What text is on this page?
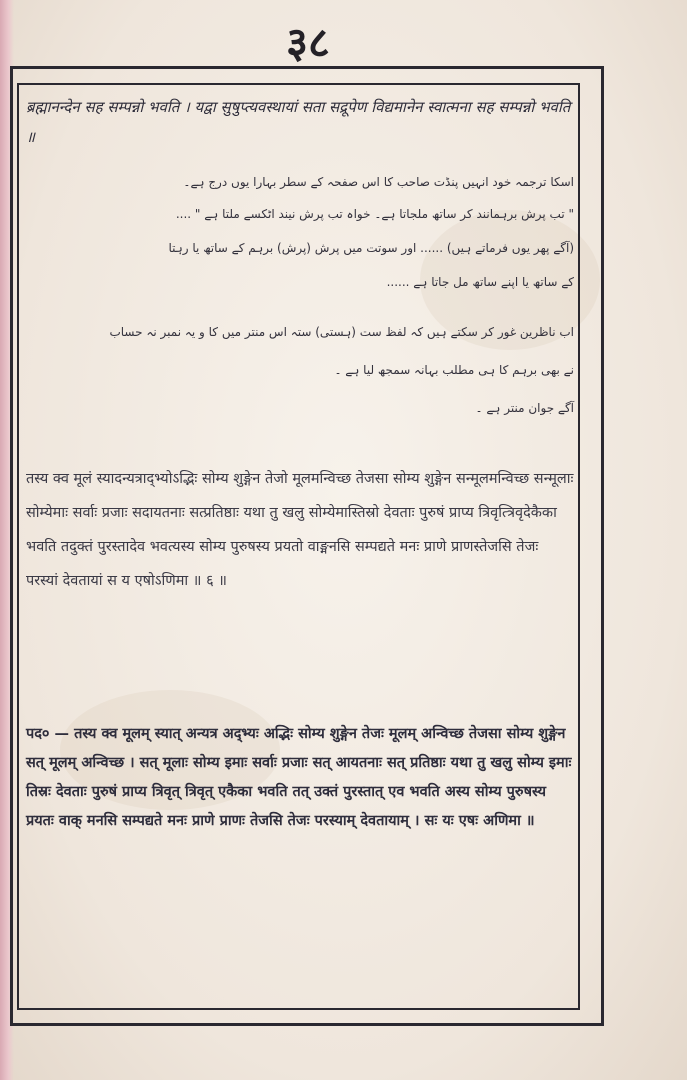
३८

ब्रह्मानन्देन सह सम्पन्नो भवति । यद्वा सुषुप्त्यवस्थायां सता सद्रूपेण विद्यमानेन स्वात्मना सह सम्पन्नो भवति ॥

اسکا ترجمہ خود انہیں پنڈت صاحب کا اس صفحہ کے سطر بہارا یوں درج ہے۔

" تب پرش برہمانند کر ساتھ ملجاتا ہے۔ خواہ تب پرش نیند اٹکسے ملتا ہے " ....

(آگے پھر یوں فرماتے ہیں) ...... اور سوتت میں پرش (پرش) برہم کے ساتھ یا رہتا

کے ساتھ یا اپنے ساتھ مل جاتا ہے ......

اب ناظرین غور کر سکتے ہیں کہ لفظ ست (ہستی) ستہ اس منتر میں کا و یہ نمبر نہ حساب

نے بھی برہم کا ہی مطلب بہانہ سمجھ لیا ہے ۔

آگے جوان منتر ہے ۔

तस्य क्व मूलं स्यादन्यत्राद्भ्योऽद्भिः सोम्य शुङ्गेन तेजो मूलमन्विच्छ तेजसा सोम्य शुङ्गेन सन्मूलमन्विच्छ सन्मूलाः सोम्येमाः सर्वाः प्रजाः सदायतनाः सत्प्रतिष्ठाः यथा तु खलु सोम्येमास्तिस्रो देवताः पुरुषं प्राप्य त्रिवृत्त्रिवृदेकैका भवति तदुक्तं पुरस्तादेव भवत्यस्य सोम्य पुरुषस्य प्रयतो वाङ्मनसि सम्पद्यते मनः प्राणे प्राणस्तेजसि तेजः परस्यां देवतायां स य एषोऽणिमा ॥ ६ ॥

पद० — तस्य क्व मूलम् स्यात् अन्यत्र अद्भ्यः अद्भिः सोम्य शुङ्गेन तेजः मूलम् अन्विच्छ तेजसा सोम्य शुङ्गेन सत् मूलम् अन्विच्छ । सत् मूलाः सोम्य इमाः सर्वाः प्रजाः सत् आयतनाः सत् प्रतिष्ठाः यथा तु खलु सोम्य इमाः तिस्रः देवताः पुरुषं प्राप्य त्रिवृत् त्रिवृत् एकैका भवति तत् उक्तं पुरस्तात् एव भवति अस्य सोम्य पुरुषस्य प्रयतः वाक् मनसि सम्पद्यते मनः प्राणे प्राणः तेजसि तेजः परस्याम् देवतायाम् । सः यः एषः अणिमा ॥
